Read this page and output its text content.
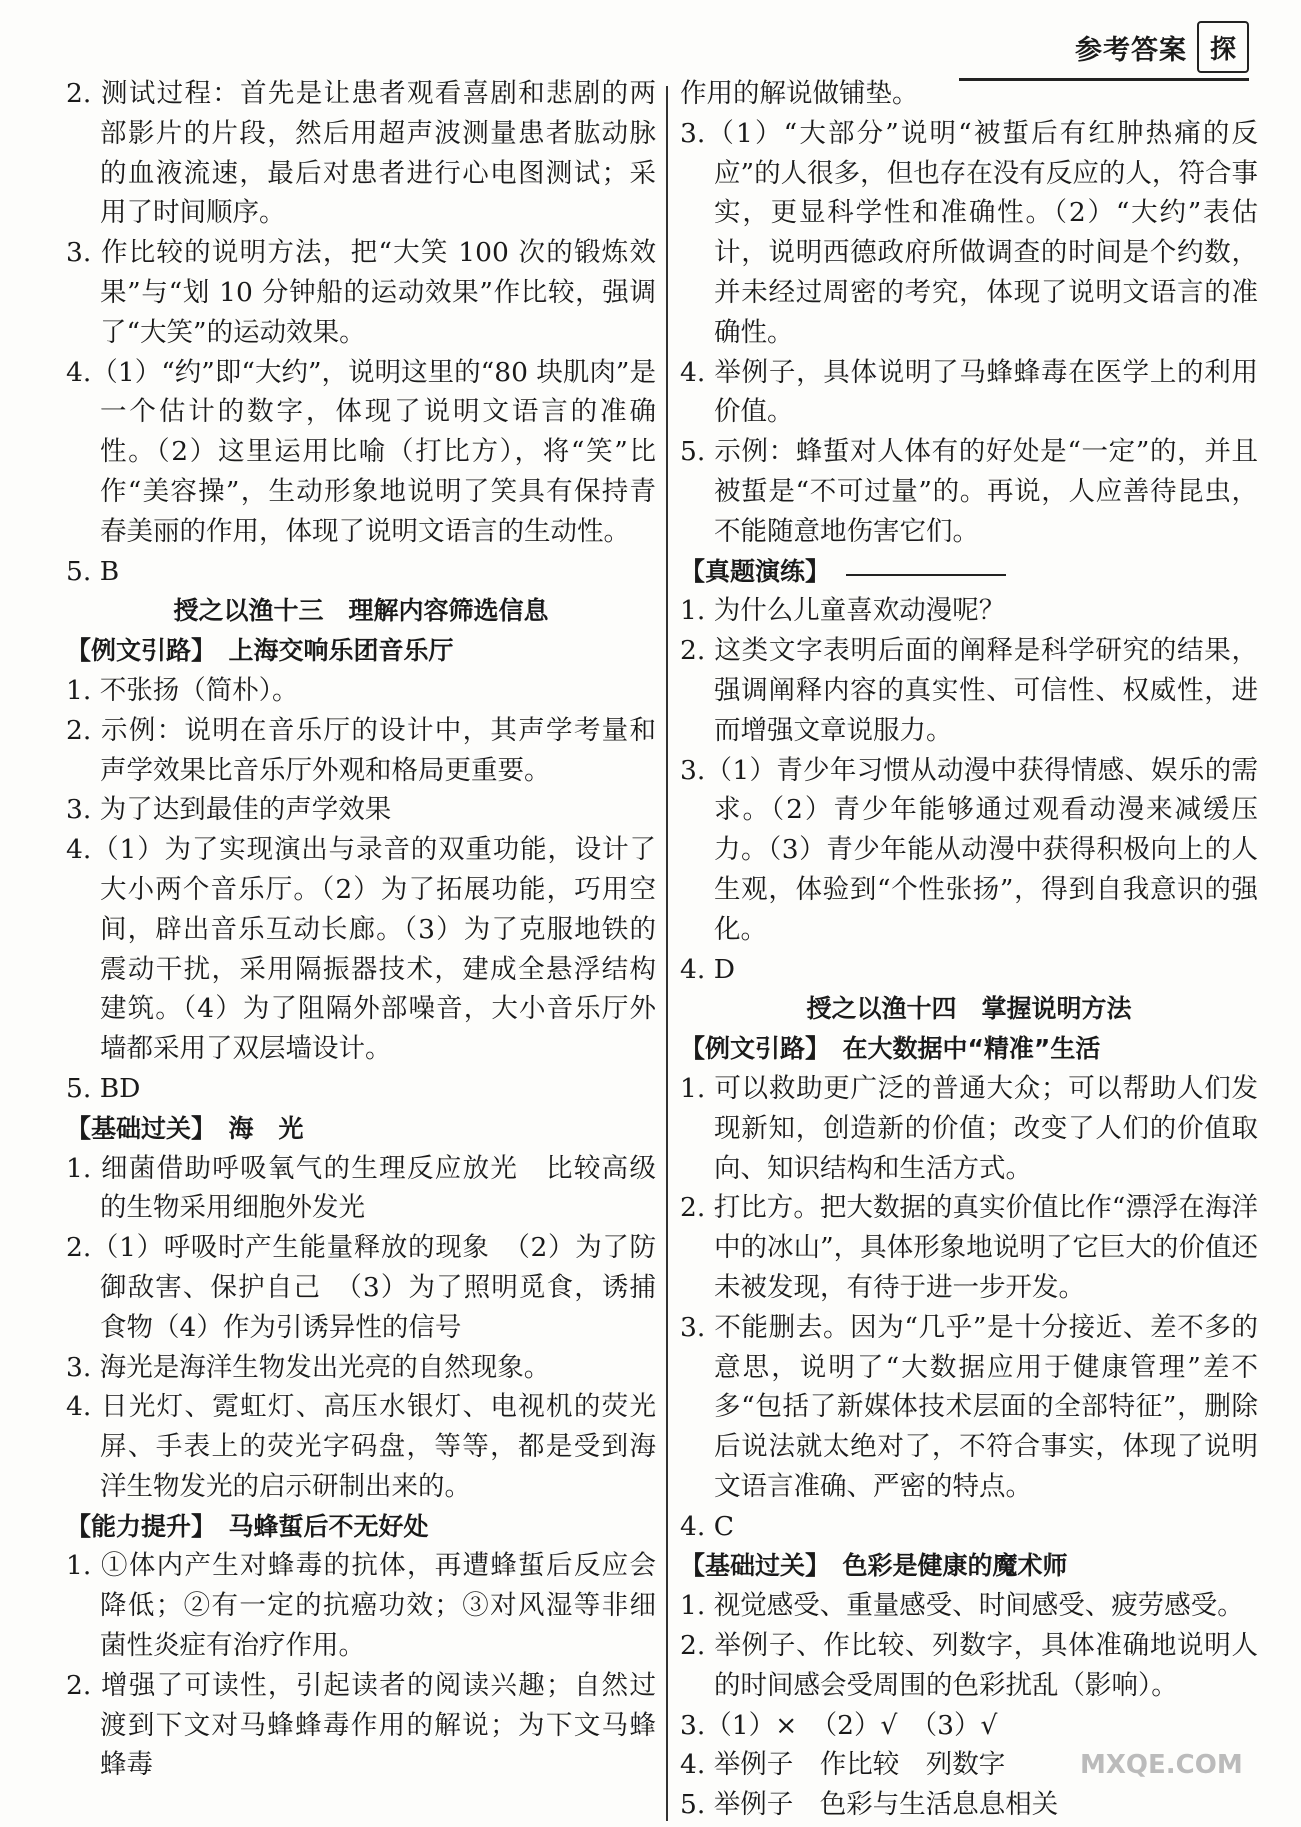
参考答案 探
2. 测试过程：首先是让患者观看喜剧和悲剧的两部影片的片段，然后用超声波测量患者肱动脉的血液流速，最后对患者进行心电图测试；采用了时间顺序。
3. 作比较的说明方法，把“大笑 100 次的锻炼效果”与“划 10 分钟船的运动效果”作比较，强调了“大笑”的运动效果。
4.（1）“约”即“大约”，说明这里的“80 块肌肉”是一个估计的数字，体现了说明文语言的准确性。（2）这里运用比喻（打比方），将“笑”比作“美容操”，生动形象地说明了笑具有保持青春美丽的作用，体现了说明文语言的生动性。
5. B
授之以渔十三　理解内容筛选信息
【例文引路】　上海交响乐团音乐厅
1. 不张扬（简朴）。
2. 示例：说明在音乐厅的设计中，其声学考量和声学效果比音乐厅外观和格局更重要。
3. 为了达到最佳的声学效果
4.（1）为了实现演出与录音的双重功能，设计了大小两个音乐厅。（2）为了拓展功能，巧用空间，辟出音乐互动长廊。（3）为了克服地铁的震动干扰，采用隔振器技术，建成全悬浮结构建筑。（4）为了阻隔外部噪音，大小音乐厅外墙都采用了双层墙设计。
5. BD
【基础过关】　海　光
1. 细菌借助呼吸氧气的生理反应放光　比较高级的生物采用细胞外发光
2.（1）呼吸时产生能量释放的现象　（2）为了防御敌害、保护自己　（3）为了照明觅食，诱捕食物（4）作为引诱异性的信号
3. 海光是海洋生物发出光亮的自然现象。
4. 日光灯、霓虹灯、高压水银灯、电视机的荧光屏、手表上的荧光字码盘，等等，都是受到海洋生物发光的启示研制出来的。
【能力提升】　马蜂蜇后不无好处
1. ①体内产生对蜂毒的抗体，再遭蜂蜇后反应会降低；②有一定的抗癌功效；③对风湿等非细菌性炎症有治疗作用。
2. 增强了可读性，引起读者的阅读兴趣；自然过渡到下文对马蜂蜂毒作用的解说；为下文马蜂蜂毒
作用的解说做铺垫。
3.（1）“大部分”说明“被蜇后有红肿热痛的反应”的人很多，但也存在没有反应的人，符合事实，更显科学性和准确性。（2）“大约”表估计，说明西德政府所做调查的时间是个约数，并未经过周密的考究，体现了说明文语言的准确性。
4. 举例子，具体说明了马蜂蜂毒在医学上的利用价值。
5. 示例：蜂蜇对人体有的好处是“一定”的，并且被蜇是“不可过量”的。再说，人应善待昆虫，不能随意地伤害它们。
【真题演练】
1. 为什么儿童喜欢动漫呢？
2. 这类文字表明后面的阐释是科学研究的结果，强调阐释内容的真实性、可信性、权威性，进而增强文章说服力。
3.（1）青少年习惯从动漫中获得情感、娱乐的需求。（2）青少年能够通过观看动漫来减缓压力。（3）青少年能从动漫中获得积极向上的人生观，体验到“个性张扬”，得到自我意识的强化。
4. D
授之以渔十四　掌握说明方法
【例文引路】　在大数据中“精准”生活
1. 可以救助更广泛的普通大众；可以帮助人们发现新知，创造新的价值；改变了人们的价值取向、知识结构和生活方式。
2. 打比方。把大数据的真实价值比作“漂浮在海洋中的冰山”，具体形象地说明了它巨大的价值还未被发现，有待于进一步开发。
3. 不能删去。因为“几乎”是十分接近、差不多的意思，说明了“大数据应用于健康管理”差不多“包括了新媒体技术层面的全部特征”，删除后说法就太绝对了，不符合事实，体现了说明文语言准确、严密的特点。
4. C
【基础过关】　色彩是健康的魔术师
1. 视觉感受、重量感受、时间感受、疲劳感受。
2. 举例子、作比较、列数字，具体准确地说明人的时间感会受周围的色彩扰乱（影响）。
3.（1）×　（2）√　（3）√
4. 举例子　作比较　列数字
5. 举例子　色彩与生活息息相关
MXQE.COM
